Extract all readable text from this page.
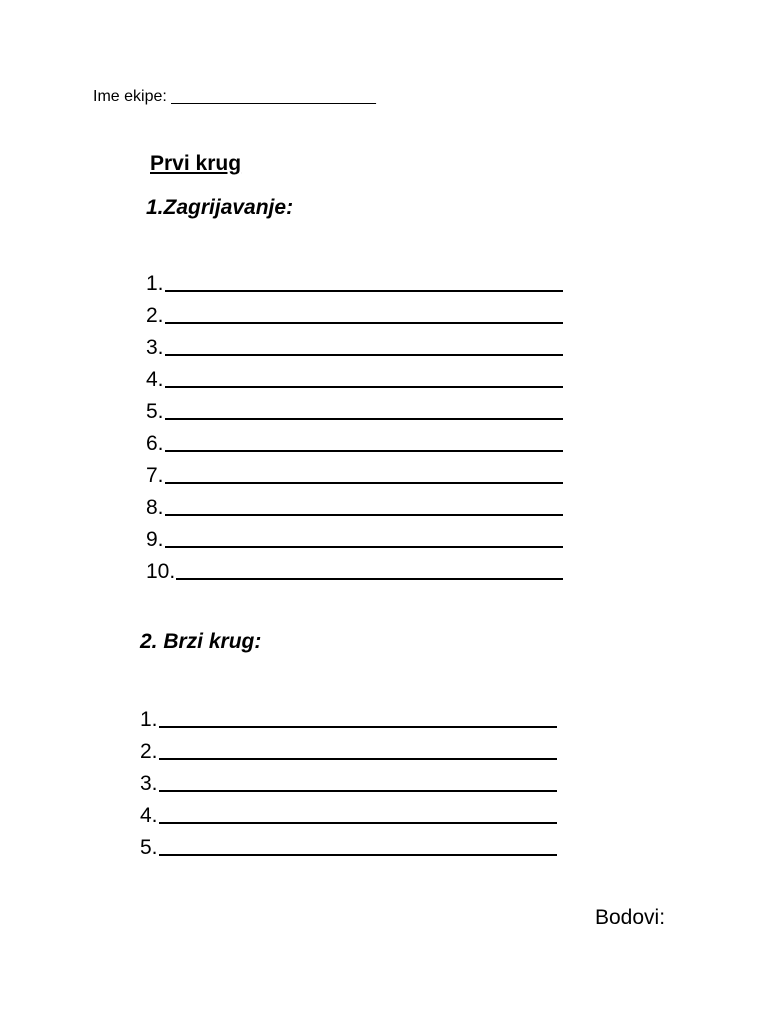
Ime ekipe: _______________________
Prvi krug
1.Zagrijavanje:
1.
2.
3.
4.
5.
6.
7.
8.
9.
10.
2. Brzi krug:
1.
2.
3.
4.
5.
Bodovi:
